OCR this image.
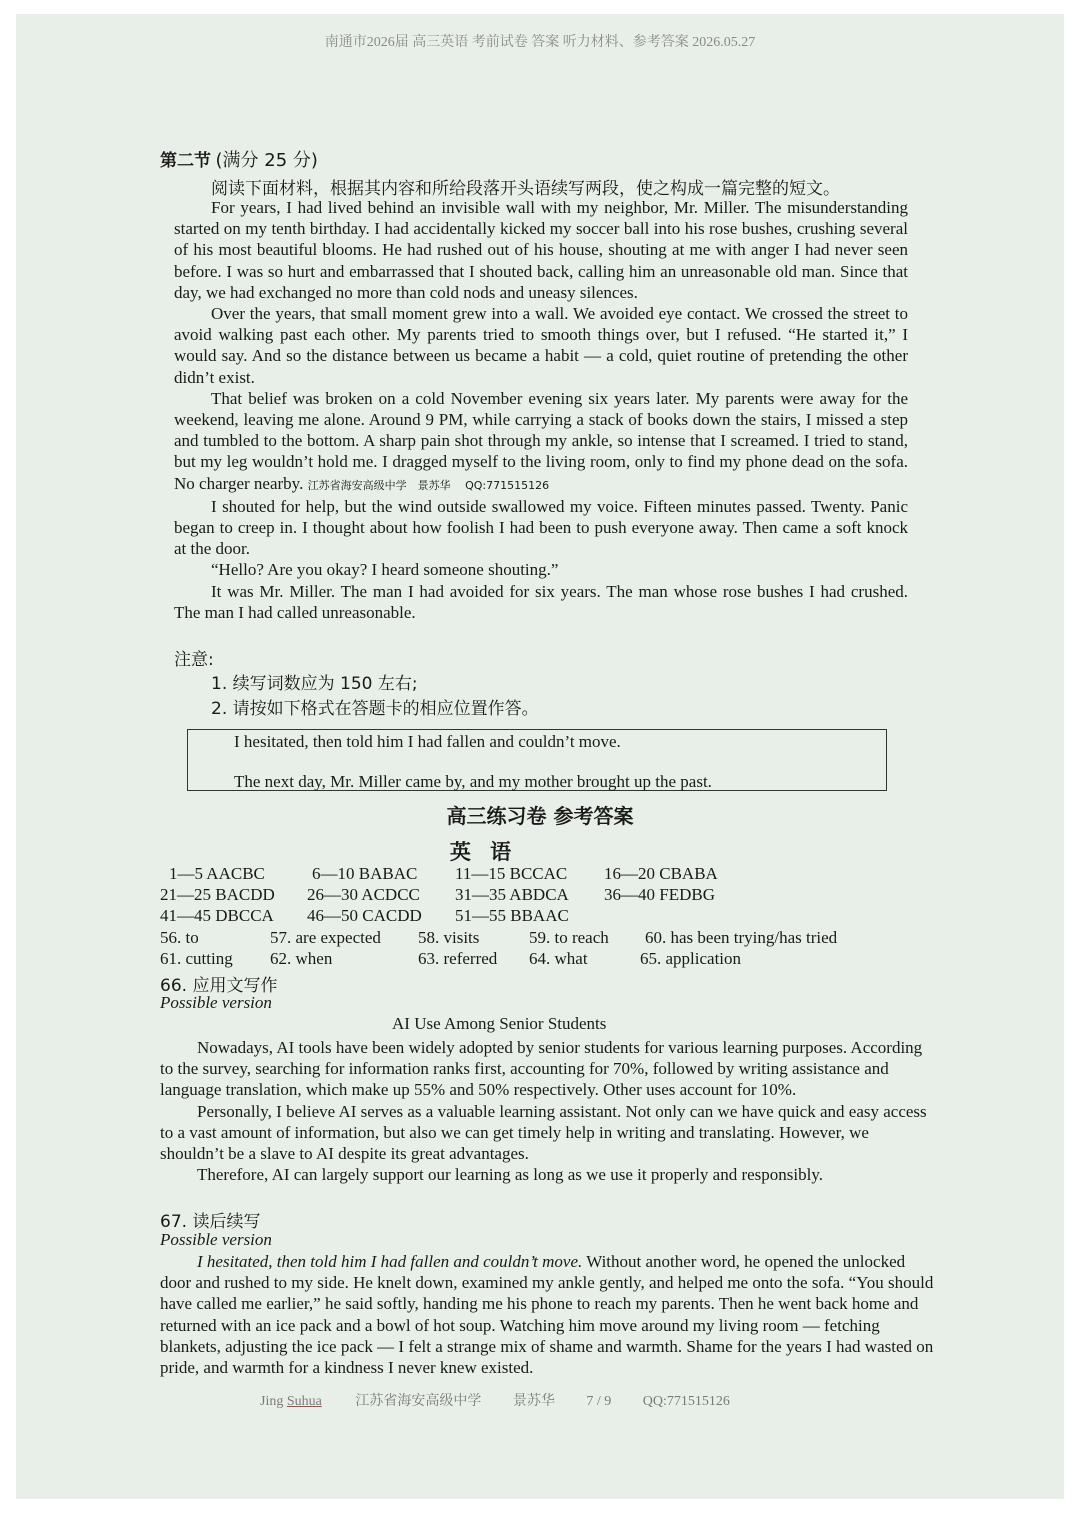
南通市2026届 高三英语 考前试卷 答案 听力材料、参考答案 2026.05.27
第二节 (满分 25 分)
阅读下面材料，根据其内容和所给段落开头语续写两段，使之构成一篇完整的短文。

For years, I had lived behind an invisible wall with my neighbor, Mr. Miller. The misunderstanding started on my tenth birthday. I had accidentally kicked my soccer ball into his rose bushes, crushing several of his most beautiful blooms. He had rushed out of his house, shouting at me with anger I had never seen before. I was so hurt and embarrassed that I shouted back, calling him an unreasonable old man. Since that day, we had exchanged no more than cold nods and uneasy silences.

Over the years, that small moment grew into a wall. We avoided eye contact. We crossed the street to avoid walking past each other. My parents tried to smooth things over, but I refused. “He started it,” I would say. And so the distance between us became a habit — a cold, quiet routine of pretending the other didn’t exist.

That belief was broken on a cold November evening six years later. My parents were away for the weekend, leaving me alone. Around 9 PM, while carrying a stack of books down the stairs, I missed a step and tumbled to the bottom. A sharp pain shot through my ankle, so intense that I screamed. I tried to stand, but my leg wouldn’t hold me. I dragged myself to the living room, only to find my phone dead on the sofa. No charger nearby. 江苏省海安高级中学　景苏华　 QQ:771515126

I shouted for help, but the wind outside swallowed my voice. Fifteen minutes passed. Twenty. Panic began to creep in. I thought about how foolish I had been to push everyone away. Then came a soft knock at the door.

“Hello? Are you okay? I heard someone shouting.”

It was Mr. Miller. The man I had avoided for six years. The man whose rose bushes I had crushed. The man I had called unreasonable.

注意:
1. 续写词数应为 150 左右;
2. 请按如下格式在答题卡的相应位置作答。
I hesitated, then told him I had fallen and couldn’t move.
The next day, Mr. Miller came by, and my mother brought up the past.
高三练习卷 参考答案
英 语
1—5 AACBC	6—10 BABAC 11—15 BCCAC 16—20 CBABA
21—25 BACDD 26—30 ACDCC 31—35 ABDCA 36—40 FEDBG
41—45 DBCCA 46—50 CACDD 51—55 BBAAC
56. to	57. are expected 58. visits	59. to reach 60. has been trying/has tried
61. cutting 62. when	63. referred 64. what	65. application
66. 应用文写作
Possible version
AI Use Among Senior Students

Nowadays, AI tools have been widely adopted by senior students for various learning purposes. According to the survey, searching for information ranks first, accounting for 70%, followed by writing assistance and language translation, which make up 55% and 50% respectively. Other uses account for 10%.

Personally, I believe AI serves as a valuable learning assistant. Not only can we have quick and easy access to a vast amount of information, but also we can get timely help in writing and translating. However, we shouldn’t be a slave to AI despite its great advantages.

Therefore, AI can largely support our learning as long as we use it properly and responsibly.

67. 读后续写
Possible version

I hesitated, then told him I had fallen and couldn’t move. Without another word, he opened the unlocked door and rushed to my side. He knelt down, examined my ankle gently, and helped me onto the sofa. “You should have called me earlier,” he said softly, handing me his phone to reach my parents. Then he went back home and returned with an ice pack and a bowl of hot soup. Watching him move around my living room — fetching blankets, adjusting the ice pack — I felt a strange mix of shame and warmth. Shame for the years I had wasted on pride, and warmth for a kindness I never knew existed.

Jing Suhua 江苏省海安高级中学 景苏华 7 / 9 QQ:771515126
